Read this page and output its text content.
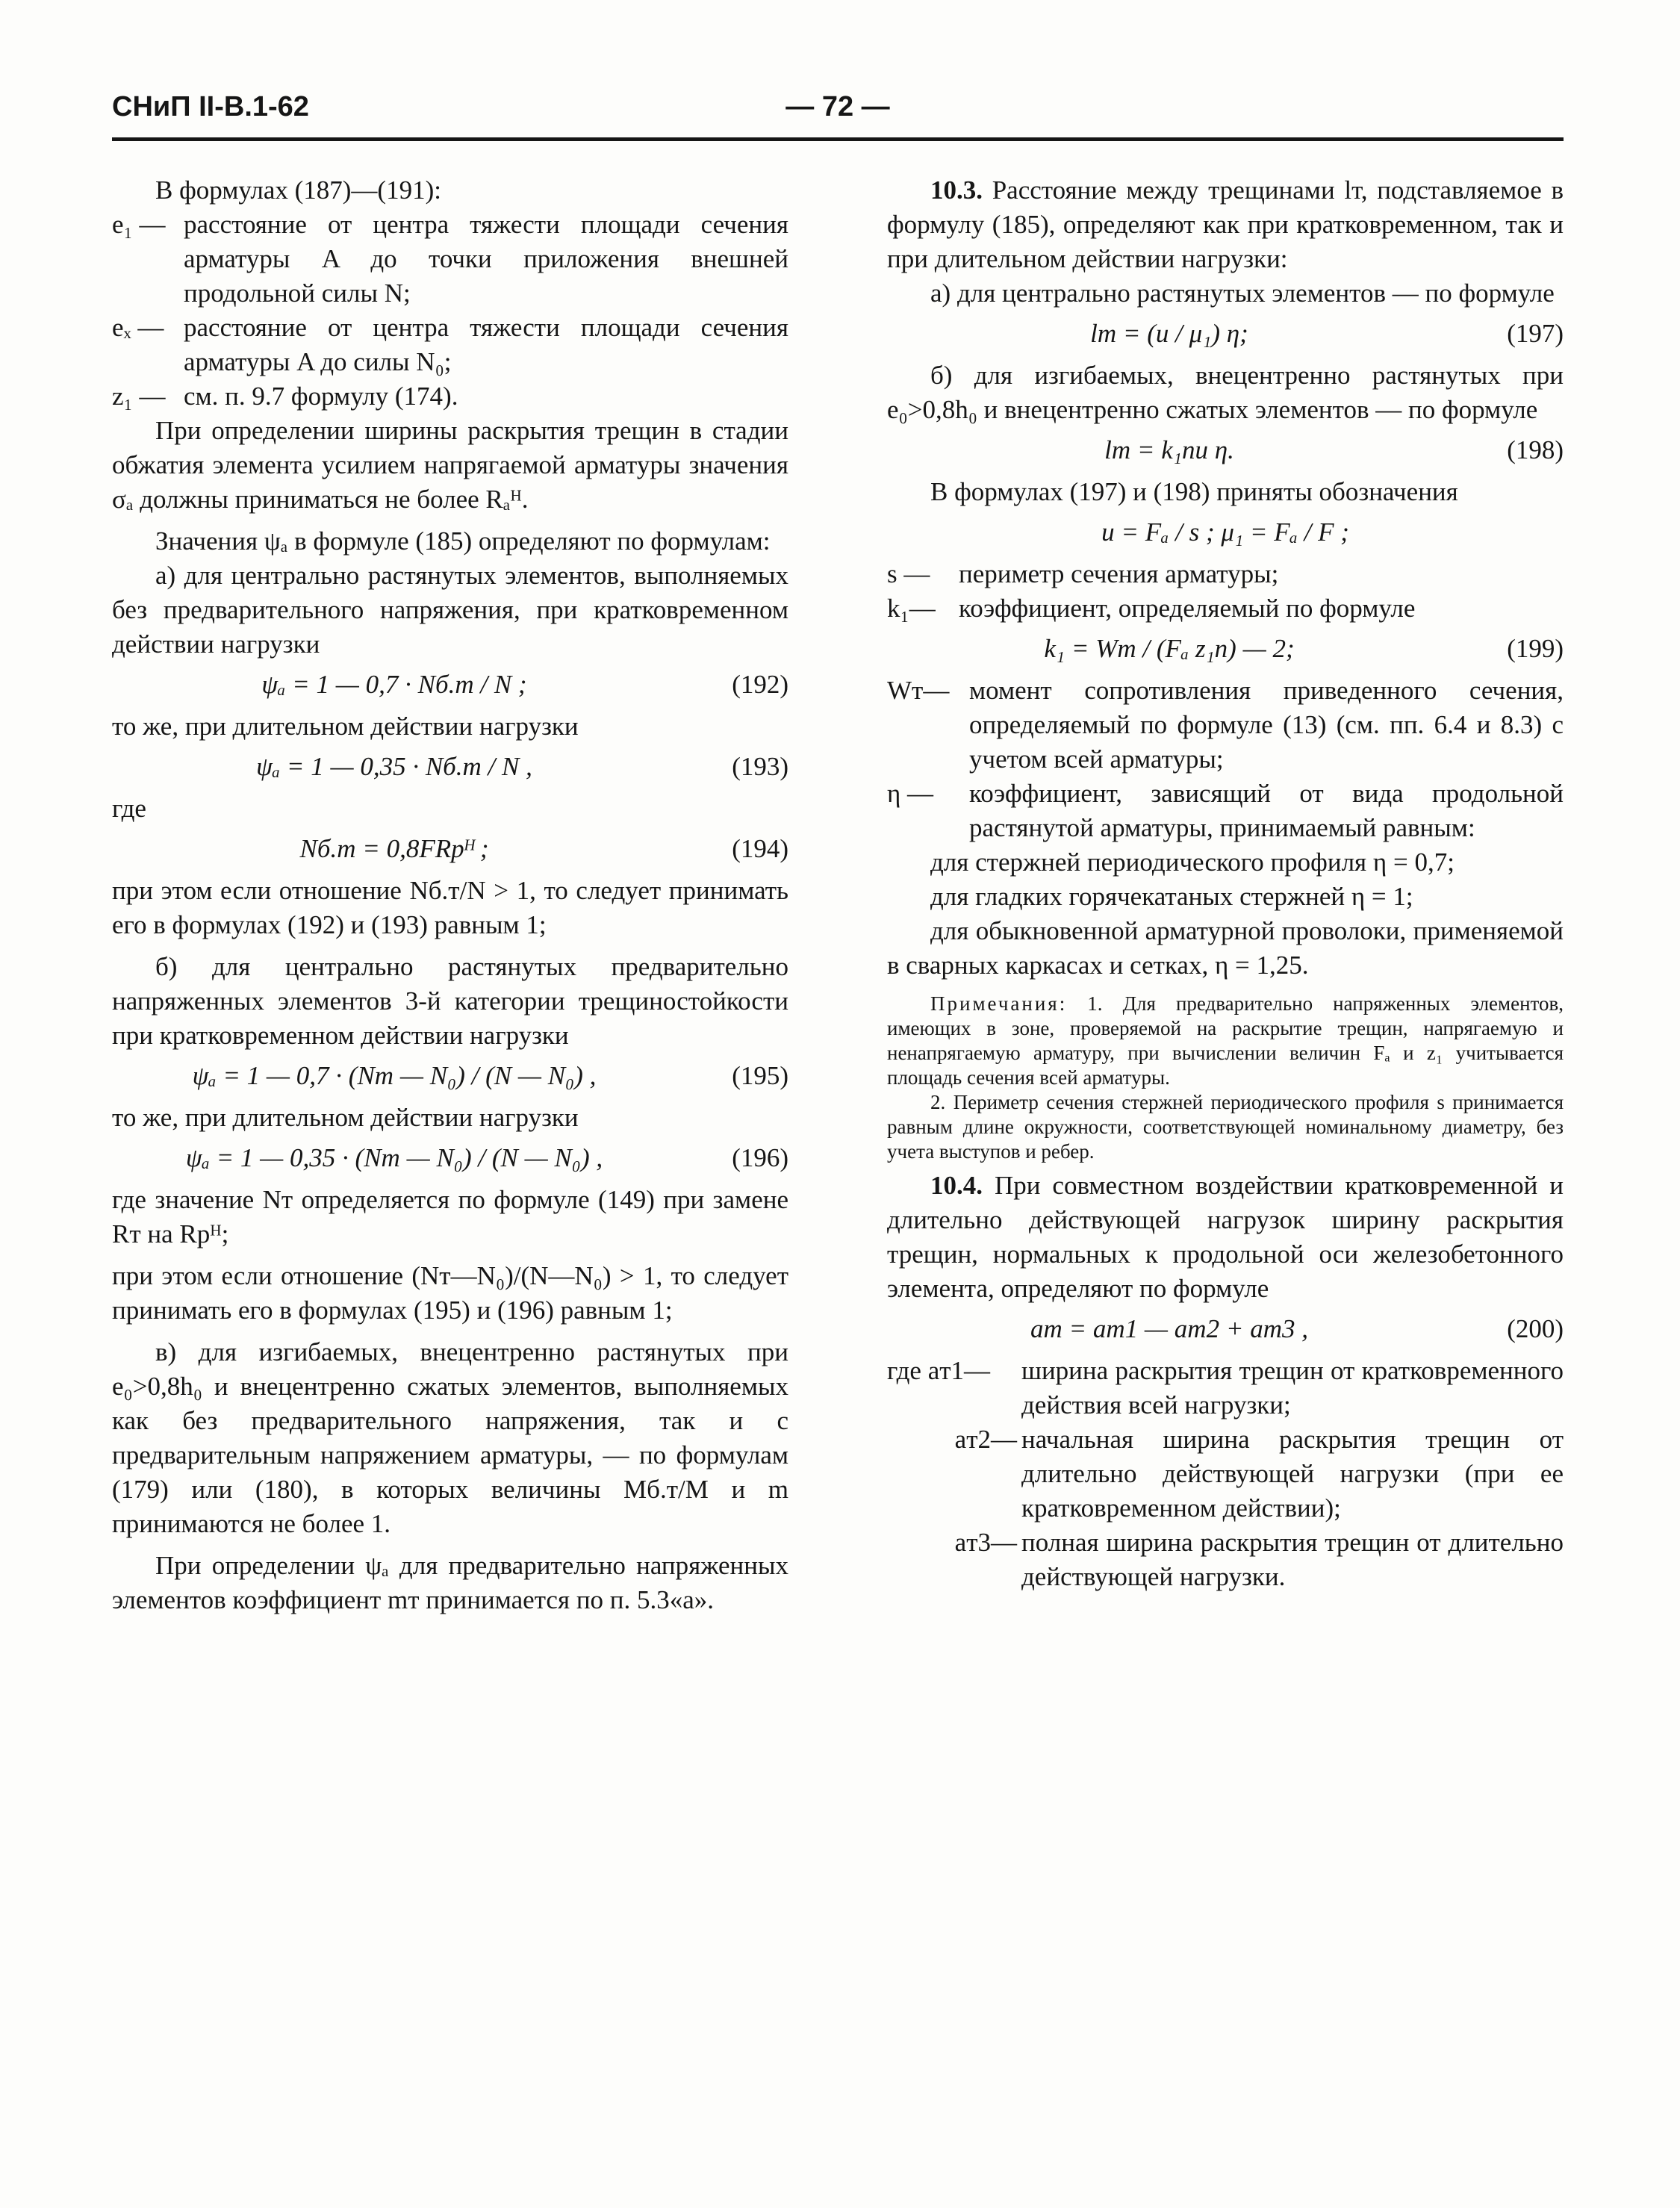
СНиП II-В.1-62	— 72 —

В формулах (187)—(191):

e₁ — расстояние от центра тяжести площади сечения арматуры A до точки приложения внешней продольной силы N;
eₓ — расстояние от центра тяжести площади сечения арматуры A до силы N₀;
z₁ — см. п. 9.7 формулу (174).

При определении ширины раскрытия трещин в стадии обжатия элемента усилием напрягаемой арматуры значения σₐ должны приниматься не более Rₐᴴ.

Значения ψₐ в формуле (185) определяют по формулам:

а) для центрально растянутых элементов, выполняемых без предварительного напряжения, при кратковременном действии нагрузки

ψₐ = 1 — 0,7 · Nб.т / N ;	(192)

то же, при длительном действии нагрузки

ψₐ = 1 — 0,35 · Nб.т / N ,	(193)

где

Nб.т = 0,8FRрᴴ ;	(194)

при этом если отношение Nб.т/N > 1, то следует принимать его в формулах (192) и (193) равным 1;

б) для центрально растянутых предварительно напряженных элементов 3-й категории трещиностойкости при кратковременном действии нагрузки

ψₐ = 1 — 0,7 · (Nт — N₀) / (N — N₀) ,	(195)

то же, при длительном действии нагрузки

ψₐ = 1 — 0,35 · (Nт — N₀) / (N — N₀) ,	(196)

где значение Nт определяется по формуле (149) при замене Rт на Rрᴴ;

при этом если отношение (Nт—N₀)/(N—N₀) > 1, то следует принимать его в формулах (195) и (196) равным 1;

в) для изгибаемых, внецентренно растянутых при e₀>0,8h₀ и внецентренно сжатых элементов, выполняемых как без предварительного напряжения, так и с предварительным напряжением арматуры, — по формулам (179) или (180), в которых величины Mб.т/M и m принимаются не более 1.

При определении ψₐ для предварительно напряженных элементов коэффициент mт принимается по п. 5.3«а».

10.3. Расстояние между трещинами lт, подставляемое в формулу (185), определяют как при кратковременном, так и при длительном действии нагрузки:

а) для центрально растянутых элементов — по формуле

lт = (u / μ₁) η;	(197)

б) для изгибаемых, внецентренно растянутых при e₀>0,8h₀ и внецентренно сжатых элементов — по формуле

lт = k₁nu η.	(198)

В формулах (197) и (198) приняты обозначения

u = Fₐ / s ; μ₁ = Fₐ / F ;
s —	периметр сечения арматуры;
k₁— коэффициент, определяемый по формуле
k₁ = Wт / (Fₐ z₁n) — 2;	(199)
Wт— момент сопротивления приведенного сечения, определяемый по формуле (13) (см. пп. 6.4 и 8.3) с учетом всей арматуры;
η —	коэффициент, зависящий от вида продольной растянутой арматуры, принимаемый равным:

для стержней периодического профиля η = 0,7;

для гладких горячекатаных стержней η = 1;

для обыкновенной арматурной проволоки, применяемой в сварных каркасах и сетках, η = 1,25.

Примечания: 1. Для предварительно напряженных элементов, имеющих в зоне, проверяемой на раскрытие трещин, напрягаемую и ненапрягаемую арматуру, при вычислении величин Fₐ и z₁ учитывается площадь сечения всей арматуры.

2. Периметр сечения стержней периодического профиля s принимается равным длине окружности, соответствующей номинальному диаметру, без учета выступов и ребер.

10.4. При совместном воздействии кратковременной и длительно действующей нагрузок ширину раскрытия трещин, нормальных к продольной оси железобетонного элемента, определяют по формуле

aт = aт1 — aт2 + aт3 ,	(200)
где aт1—	ширина раскрытия трещин от кратковременного действия всей нагрузки;
aт2— начальная ширина раскрытия трещин от длительно действующей нагрузки (при ее кратковременном действии);
aт3— полная ширина раскрытия трещин от длительно действующей нагрузки.
